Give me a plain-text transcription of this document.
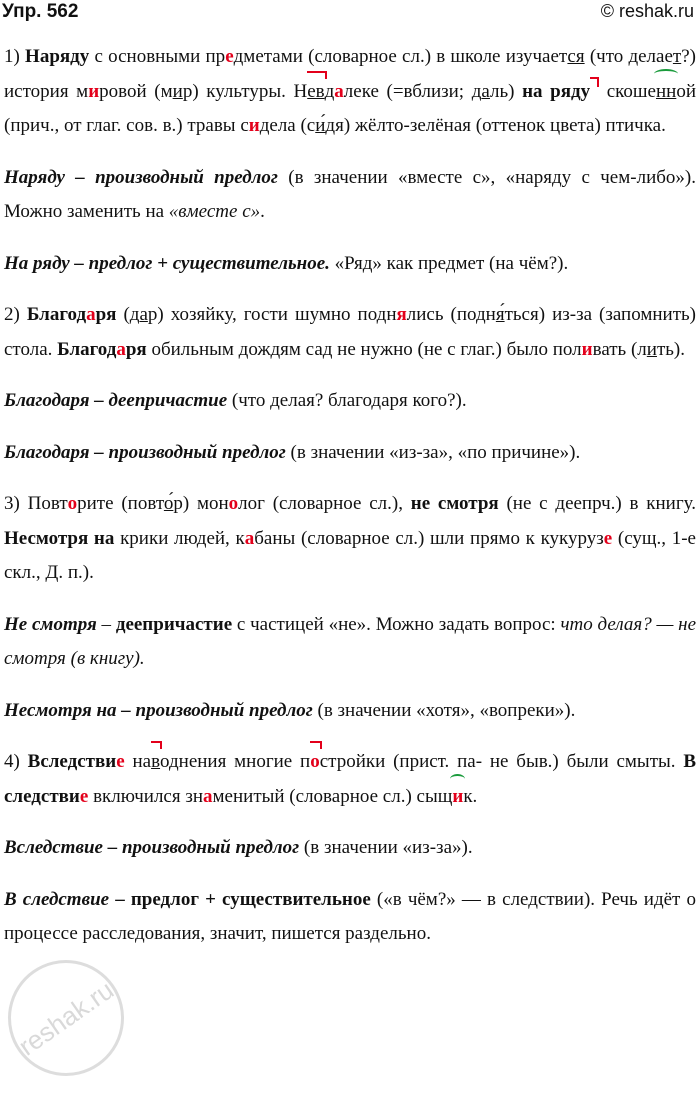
Упр. 562	© reshak.ru

1) Наряду с основными предметами (словарное сл.) в школе изучается (что делает?) история мировой (мир) культуры. Невдалеке (=вблизи; даль) на ряду скошенной (прич., от глаг. сов. в.) травы сидела (си́дя) жёлто-зелёная (оттенок цвета) птичка.

Наряду – производный предлог (в значении «вместе с», «наряду с чем-либо»). Можно заменить на «вместе с».

На ряду – предлог + существительное. «Ряд» как предмет (на чём?).

2) Благодаря (дар) хозяйку, гости шумно поднялись (подня́ться) из-за (запомнить) стола. Благодаря обильным дождям сад не нужно (не с глаг.) было поливать (лить).

Благодаря – деепричастие (что делая? благодаря кого?).

Благодаря – производный предлог (в значении «из-за», «по причине»).

3) Повторите (повто́р) монолог (словарное сл.), не смотря (не с деепрч.) в книгу. Несмотря на крики людей, кабаны (словарное сл.) шли прямо к кукурузе (сущ., 1-е скл., Д. п.).

Не смотря – деепричастие с частицей «не». Можно задать вопрос: что делая? — не смотря (в книгу).

Несмотря на – производный предлог (в значении «хотя», «вопреки»).

4) Вследствие наводнения многие постройки (прист. па- не быв.) были смыты. В следствие включился знаменитый (словарное сл.) сыщик.

Вследствие – производный предлог (в значении «из-за»).

В следствие – предлог + существительное («в чём?» — в следствии). Речь идёт о процессе расследования, значит, пишется раздельно.

reshak.ru
